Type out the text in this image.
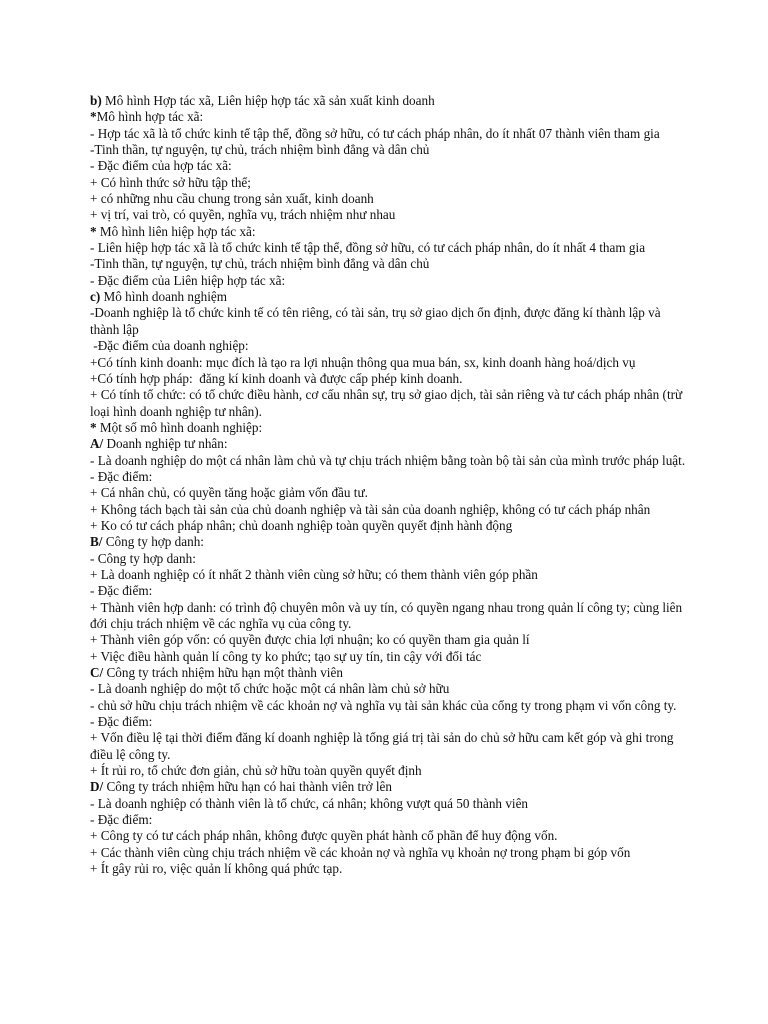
b) Mô hình Hợp tác xã, Liên hiệp hợp tác xã sản xuất kinh doanh
*Mô hình hợp tác xã:
- Hợp tác xã là tổ chức kinh tế tập thể, đồng sở hữu, có tư cách pháp nhân, do ít nhất 07 thành viên tham gia
-Tinh thần, tự nguyện, tự chủ, trách nhiệm bình đẳng và dân chủ
- Đặc điểm của hợp tác xã:
+ Có hình thức sở hữu tập thể;
+ có những nhu cầu chung trong sản xuất, kinh doanh
+ vị trí, vai trò, có quyền, nghĩa vụ, trách nhiệm như nhau
* Mô hình liên hiệp hợp tác xã:
- Liên hiệp hợp tác xã là tổ chức kinh tế tập thể, đồng sở hữu, có tư cách pháp nhân, do ít nhất 4 tham gia
-Tinh thần, tự nguyện, tự chủ, trách nhiệm bình đẳng và dân chủ
- Đặc điểm của Liên hiệp hợp tác xã:
c) Mô hình doanh nghiệm
-Doanh nghiệp là tổ chức kinh tế có tên riêng, có tài sản, trụ sở giao dịch ổn định, được đăng kí thành lập và thành lập
-Đặc điểm của doanh nghiệp:
+Có tính kinh doanh: mục đích là tạo ra lợi nhuận thông qua mua bán, sx, kinh doanh hàng hoá/dịch vụ
+Có tính hợp pháp:  đăng kí kinh doanh và được cấp phép kinh doanh.
+ Có tính tổ chức: có tổ chức điều hành, cơ cấu nhân sự, trụ sở giao dịch, tài sản riêng và tư cách pháp nhân (trừ loại hình doanh nghiệp tư nhân).
* Một số mô hình doanh nghiệp:
A/ Doanh nghiệp tư nhân:
- Là doanh nghiệp do một cá nhân làm chủ và tự chịu trách nhiệm bằng toàn bộ tài sản của mình trước pháp luật.
- Đặc điểm:
+ Cá nhân chủ, có quyền tăng hoặc giảm vốn đầu tư.
+ Không tách bạch tài sản của chủ doanh nghiệp và tài sản của doanh nghiệp, không có tư cách pháp nhân
+ Ko có tư cách pháp nhân; chủ doanh nghiệp toàn quyền quyết định hành động
B/ Công ty hợp danh:
- Công ty hợp danh:
+ Là doanh nghiệp có ít nhất 2 thành viên cùng sở hữu; có them thành viên góp phần
- Đặc điểm:
+ Thành viên hợp danh: có trình độ chuyên môn và uy tín, có quyền ngang nhau trong quản lí công ty; cùng liên đới chịu trách nhiệm về các nghĩa vụ của công ty.
+ Thành viên góp vốn: có quyền được chia lợi nhuận; ko có quyền tham gia quản lí
+ Việc điều hành quản lí công ty ko phức; tạo sự uy tín, tin cậy với đối tác
C/ Công ty trách nhiệm hữu hạn một thành viên
- Là doanh nghiệp do một tổ chức hoặc một cá nhân làm chủ sở hữu
- chủ sở hữu chịu trách nhiệm về các khoản nợ và nghĩa vụ tài sản khác của cổng ty trong phạm vi vốn công ty.
- Đặc điểm:
+ Vốn điều lệ tại thời điểm đăng kí doanh nghiệp là tổng giá trị tài sản do chủ sở hữu cam kết góp và ghi trong điều lệ công ty.
+ Ít rủi ro, tổ chức đơn giản, chủ sở hữu toàn quyền quyết định
D/ Công ty trách nhiệm hữu hạn có hai thành viên trở lên
- Là doanh nghiệp có thành viên là tổ chức, cá nhân; không vượt quá 50 thành viên
- Đặc điểm:
+ Công ty có tư cách pháp nhân, không được quyền phát hành cổ phần để huy động vốn.
+ Các thành viên cùng chịu trách nhiệm về các khoản nợ và nghĩa vụ khoản nợ trong phạm bi góp vốn
+ Ít gây rủi ro, việc quản lí không quá phức tạp.
